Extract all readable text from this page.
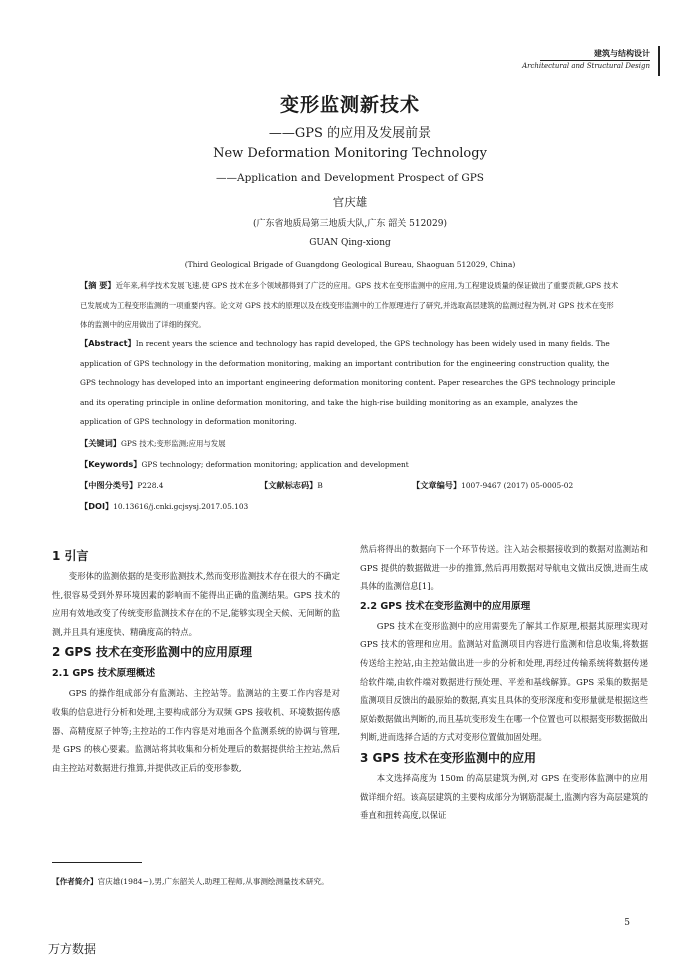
建筑与结构设计
Architectural and Structural Design
变形监测新技术
——GPS 的应用及发展前景
New Deformation Monitoring Technology
——Application and Development Prospect of GPS
官庆雄
(广东省地质局第三地质大队,广东 韶关 512029)
GUAN Qing-xiong
(Third Geological Brigade of Guangdong Geological Bureau, Shaoguan 512029, China)
【摘 要】近年来,科学技术发展飞速,使 GPS 技术在多个领域都得到了广泛的应用。GPS 技术在变形监测中的应用,为工程建设质量的保证做出了重要贡献,GPS 技术已发展成为工程变形监测的一项重要内容。论文对 GPS 技术的原理以及在线变形监测中的工作原理进行了研究,并选取高层建筑的监测过程为例,对 GPS 技术在变形体的监测中的应用做出了详细的探究。
【Abstract】In recent years the science and technology has rapid developed, the GPS technology has been widely used in many fields. The application of GPS technology in the deformation monitoring, making an important contribution for the engineering construction quality, the GPS technology has developed into an important engineering deformation monitoring content. Paper researches the GPS technology principle and its operating principle in online deformation monitoring, and take the high-rise building monitoring as an example, analyzes the application of GPS technology in deformation monitoring.
【关键词】GPS 技术;变形监测;应用与发展
【Keywords】GPS technology; deformation monitoring; application and development
【中图分类号】P228.4	【文献标志码】B	【文章编号】1007-9467 (2017) 05-0005-02
【DOI】10.13616/j.cnki.gcjsysj.2017.05.103
1 引言

变形体的监测依据的是变形监测技术,然而变形监测技术存在很大的不确定性,很容易受到外界环境因素的影响而不能得出正确的监测结果。GPS 技术的应用有效地改变了传统变形监测技术存在的不足,能够实现全天候、无间断的监测,并且具有速度快、精确度高的特点。

2 GPS 技术在变形监测中的应用原理
2.1 GPS 技术原理概述

GPS 的操作组成部分有监测站、主控站等。监测站的主要工作内容是对收集的信息进行分析和处理,主要构成部分为双频 GPS 接收机、环境数据传感器、高精度原子钟等;主控站的工作内容是对地面各个监测系统的协调与管理,是 GPS 的核心要素。监测站将其收集和分析处理后的数据提供给主控站,然后由主控站对数据进行推算,并提供改正后的变形参数,

【作者简介】官庆雄(1984~),男,广东韶关人,助理工程师,从事测绘测量技术研究。

然后将得出的数据向下一个环节传送。注入站会根据接收到的数据对监测站和 GPS 提供的数据做进一步的推算,然后再用数据对导航电文做出反馈,进而生成具体的监测信息[1]。

2.2 GPS 技术在变形监测中的应用原理

GPS 技术在变形监测中的应用需要先了解其工作原理,根据其原理实现对 GPS 技术的管理和应用。监测站对监测项目内容进行监测和信息收集,将数据传送给主控站,由主控站做出进一步的分析和处理,再经过传输系统将数据传递给软件端,由软件端对数据进行预处理、平差和基线解算。GPS 采集的数据是监测项目反馈出的最原始的数据,真实且具体的变形深度和变形量就是根据这些原始数据做出判断的,而且基坑变形发生在哪一个位置也可以根据变形数据做出判断,进而选择合适的方式对变形位置做加固处理。

3 GPS 技术在变形监测中的应用

本文选择高度为 150m 的高层建筑为例,对 GPS 在变形体监测中的应用做详细介绍。该高层建筑的主要构成部分为钢筋混凝土,监测内容为高层建筑的垂直和扭转高度,以保证

5
万方数据
